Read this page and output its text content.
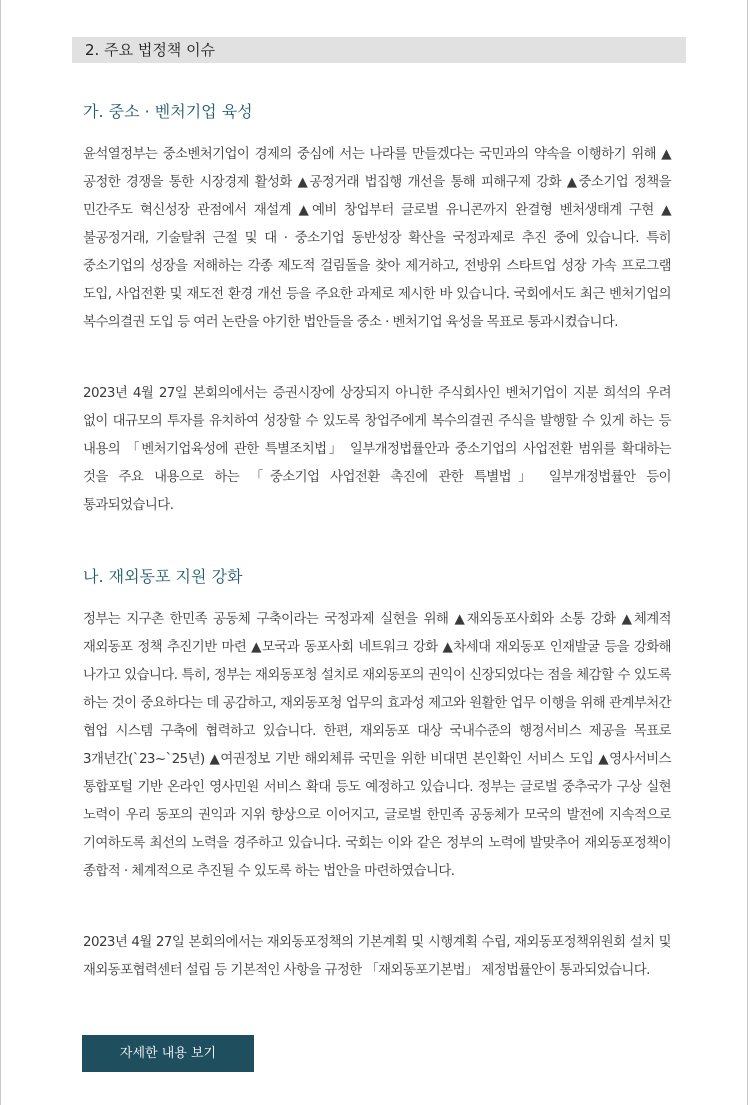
2. 주요 법정책 이슈
가. 중소 · 벤처기업 육성

윤석열정부는 중소벤처기업이 경제의 중심에 서는 나라를 만들겠다는 국민과의 약속을 이행하기 위해 ▲공정한 경쟁을 통한 시장경제 활성화 ▲공정거래 법집행 개선을 통해 피해구제 강화 ▲중소기업 정책을 민간주도 혁신성장 관점에서 재설계 ▲예비 창업부터 글로벌 유니콘까지 완결형 벤처생태계 구현 ▲불공정거래, 기술탈취 근절 및 대 · 중소기업 동반성장 확산을 국정과제로 추진 중에 있습니다. 특히 중소기업의 성장을 저해하는 각종 제도적 걸림돌을 찾아 제거하고, 전방위 스타트업 성장 가속 프로그램 도입, 사업전환 및 재도전 환경 개선 등을 주요한 과제로 제시한 바 있습니다. 국회에서도 최근 벤처기업의 복수의결권 도입 등 여러 논란을 야기한 법안들을 중소 · 벤처기업 육성을 목표로 통과시켰습니다.

2023년 4월 27일 본회의에서는 증권시장에 상장되지 아니한 주식회사인 벤처기업이 지분 희석의 우려 없이 대규모의 투자를 유치하여 성장할 수 있도록 창업주에게 복수의결권 주식을 발행할 수 있게 하는 등 내용의 「벤처기업육성에 관한 특별조치법」 일부개정법률안과 중소기업의 사업전환 범위를 확대하는 것을 주요 내용으로 하는 「중소기업 사업전환 촉진에 관한 특별법」 일부개정법률안 등이 통과되었습니다.

나. 재외동포 지원 강화

정부는 지구촌 한민족 공동체 구축이라는 국정과제 실현을 위해 ▲재외동포사회와 소통 강화 ▲체계적 재외동포 정책 추진기반 마련 ▲모국과 동포사회 네트워크 강화 ▲차세대 재외동포 인재발굴 등을 강화해 나가고 있습니다. 특히, 정부는 재외동포청 설치로 재외동포의 권익이 신장되었다는 점을 체감할 수 있도록 하는 것이 중요하다는 데 공감하고, 재외동포청 업무의 효과성 제고와 원활한 업무 이행을 위해 관계부처간 협업 시스템 구축에 협력하고 있습니다. 한편, 재외동포 대상 국내수준의 행정서비스 제공을 목표로 3개년간(`23~`25년) ▲여권정보 기반 해외체류 국민을 위한 비대면 본인확인 서비스 도입 ▲영사서비스 통합포털 기반 온라인 영사민원 서비스 확대 등도 예정하고 있습니다. 정부는 글로벌 중추국가 구상 실현 노력이 우리 동포의 권익과 지위 향상으로 이어지고, 글로벌 한민족 공동체가 모국의 발전에 지속적으로 기여하도록 최선의 노력을 경주하고 있습니다. 국회는 이와 같은 정부의 노력에 발맞추어 재외동포정책이 종합적 · 체계적으로 추진될 수 있도록 하는 법안을 마련하였습니다.

2023년 4월 27일 본회의에서는 재외동포정책의 기본계획 및 시행계획 수립, 재외동포정책위원회 설치 및 재외동포협력센터 설립 등 기본적인 사항을 규정한 「재외동포기본법」 제정법률안이 통과되었습니다.

자세한 내용 보기
